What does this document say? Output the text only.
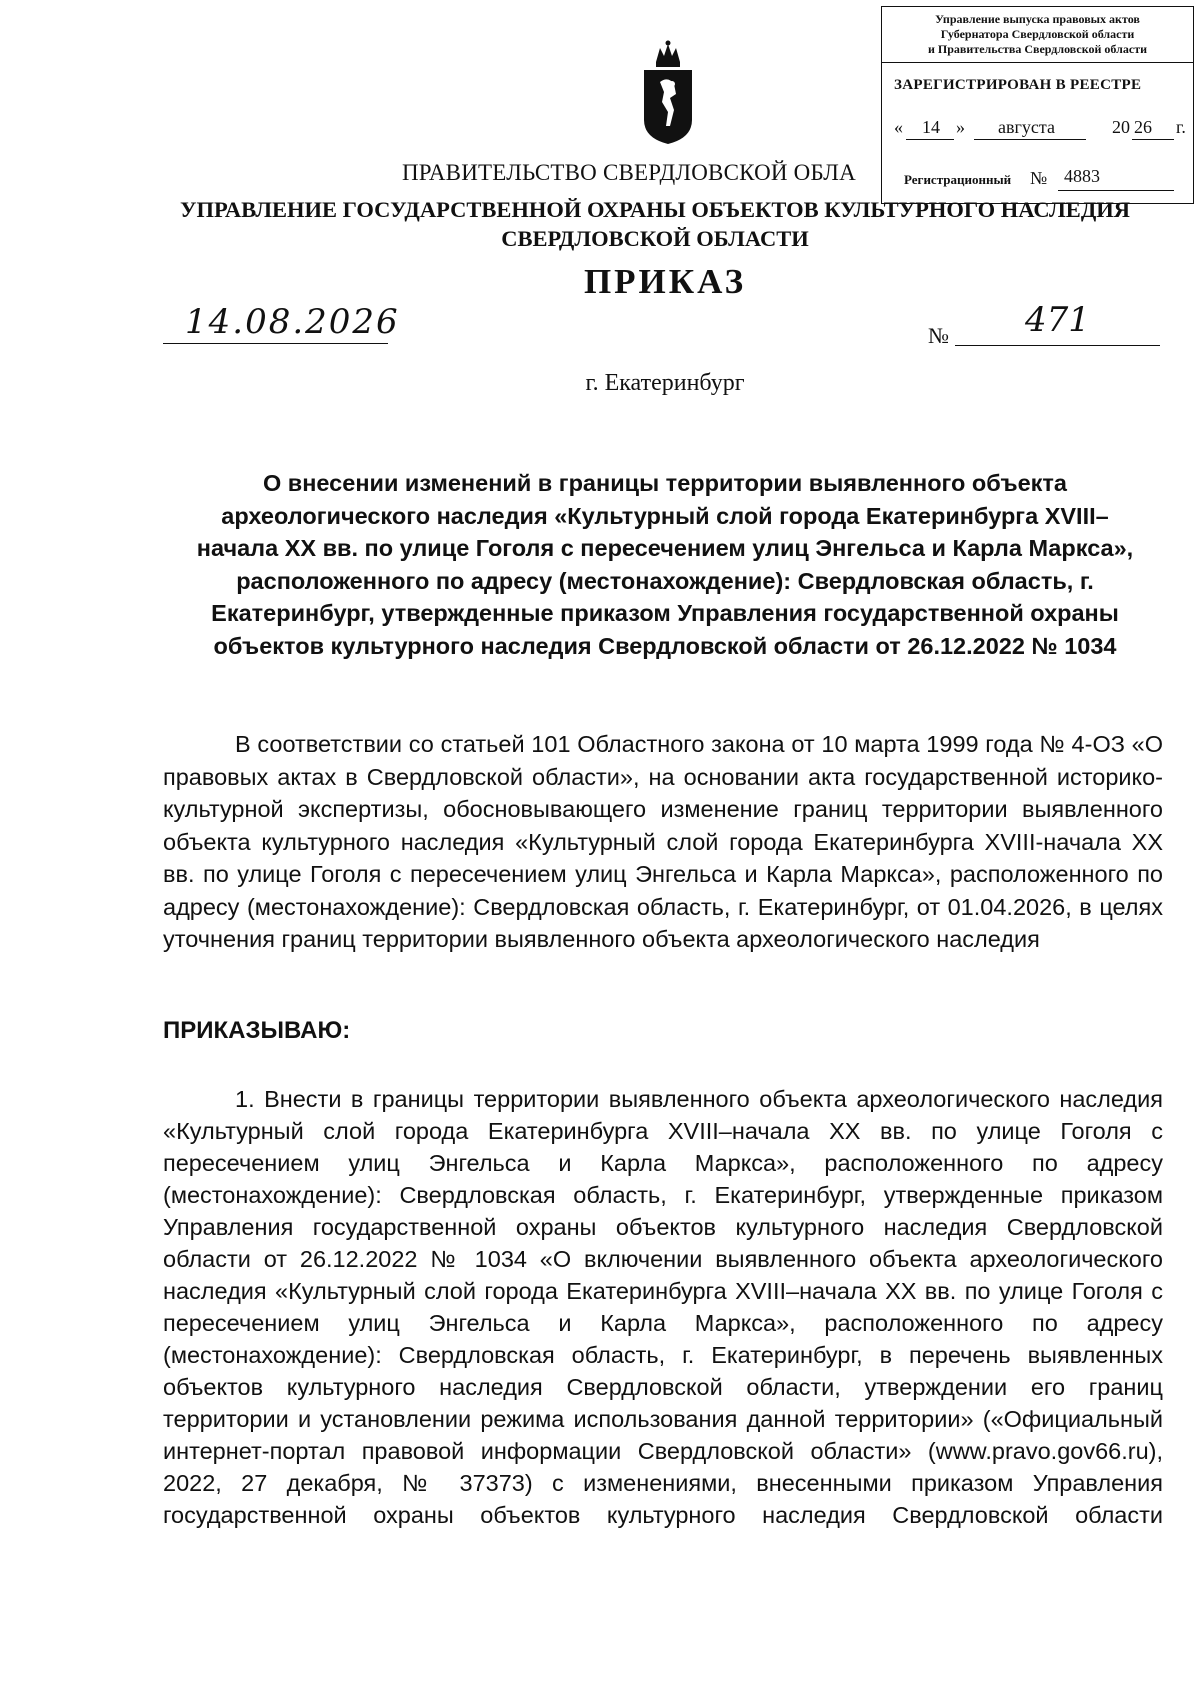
Управление выпуска правовых актов
Губернатора Свердловской области
и Правительства Свердловской области
ЗАРЕГИСТРИРОВАН В РЕЕСТРЕ
« 14 » августа	20 26 г.
Регистрационный № 4883
ПРАВИТЕЛЬСТВО СВЕРДЛОВСКОЙ ОБЛА
УПРАВЛЕНИЕ ГОСУДАРСТВЕННОЙ ОХРАНЫ ОБЪЕКТОВ КУЛЬТУРНОГО НАСЛЕДИЯ СВЕРДЛОВСКОЙ ОБЛАСТИ
ПРИКАЗ
14.08.2026	№ 471
г. Екатеринбург
О внесении изменений в границы территории выявленного объекта археологического наследия «Культурный слой города Екатеринбурга XVIII–начала XX вв. по улице Гоголя с пересечением улиц Энгельса и Карла Маркса», расположенного по адресу (местонахождение): Свердловская область, г. Екатеринбург, утвержденные приказом Управления государственной охраны объектов культурного наследия Свердловской области от 26.12.2022 № 1034
В соответствии со статьей 101 Областного закона от 10 марта 1999 года № 4-ОЗ «О правовых актах в Свердловской области», на основании акта государственной историко-культурной экспертизы, обосновывающего изменение границ территории выявленного объекта культурного наследия «Культурный слой города Екатеринбурга XVIII-начала XX вв. по улице Гоголя с пересечением улиц Энгельса и Карла Маркса», расположенного по адресу (местонахождение): Свердловская область, г. Екатеринбург, от 01.04.2026, в целях уточнения границ территории выявленного объекта археологического наследия
ПРИКАЗЫВАЮ:
1. Внести в границы территории выявленного объекта археологического наследия «Культурный слой города Екатеринбурга XVIII–начала XX вв. по улице Гоголя с пересечением улиц Энгельса и Карла Маркса», расположенного по адресу (местонахождение): Свердловская область, г. Екатеринбург, утвержденные приказом Управления государственной охраны объектов культурного наследия Свердловской области от 26.12.2022 № 1034 «О включении выявленного объекта археологического наследия «Культурный слой города Екатеринбурга XVIII–начала XX вв. по улице Гоголя с пересечением улиц Энгельса и Карла Маркса», расположенного по адресу (местонахождение): Свердловская область, г. Екатеринбург, в перечень выявленных объектов культурного наследия Свердловской области, утверждении его границ территории и установлении режима использования данной территории» («Официальный интернет-портал правовой информации Свердловской области» (www.pravo.gov66.ru), 2022, 27 декабря, № 37373) с изменениями, внесенными приказом Управления государственной охраны объектов культурного наследия Свердловской области
